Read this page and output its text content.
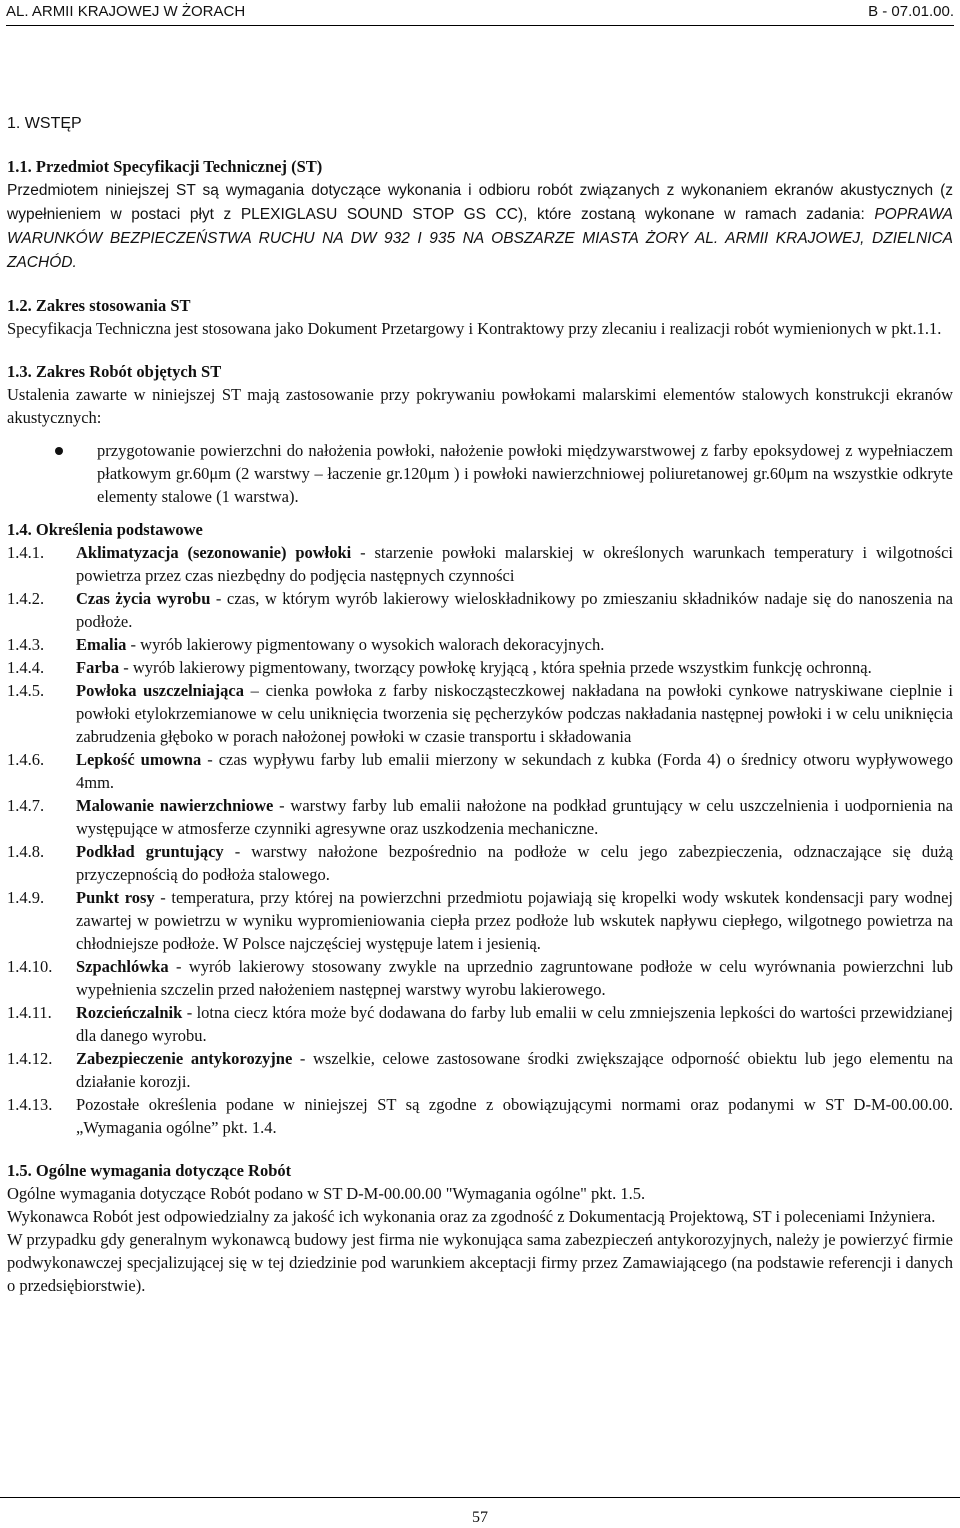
AL. ARMII KRAJOWEJ W ŻORACH	B - 07.01.00.
1. WSTĘP
1.1. Przedmiot Specyfikacji Technicznej (ST)

Przedmiotem niniejszej ST są wymagania dotyczące wykonania i odbioru robót związanych z wykonaniem ekranów akustycznych (z wypełnieniem w postaci płyt z PLEXIGLASU SOUND STOP GS CC), które zostaną wykonane w ramach zadania: POPRAWA WARUNKÓW BEZPIECZEŃSTWA RUCHU NA DW 932 I 935 NA OBSZARZE MIASTA ŻORY AL. ARMII KRAJOWEJ, DZIELNICA ZACHÓD.

1.2. Zakres stosowania ST

Specyfikacja Techniczna jest stosowana jako Dokument Przetargowy i Kontraktowy przy zlecaniu i realizacji robót wymienionych w pkt.1.1.

1.3. Zakres Robót objętych ST

Ustalenia zawarte w niniejszej ST mają zastosowanie przy pokrywaniu powłokami malarskimi elementów stalowych konstrukcji ekranów akustycznych:

przygotowanie powierzchni do nałożenia powłoki, nałożenie powłoki międzywarstwowej z farby epoksydowej z wypełniaczem płatkowym gr.60μm (2 warstwy – łaczenie gr.120μm ) i powłoki nawierzchniowej poliuretanowej gr.60μm na wszystkie odkryte elementy stalowe (1 warstwa).
1.4. Określenia podstawowe
1.4.1.	Aklimatyzacja (sezonowanie) powłoki - starzenie powłoki malarskiej w określonych warunkach temperatury i wilgotności powietrza przez czas niezbędny do podjęcia następnych czynności
1.4.2.	Czas życia wyrobu - czas, w którym wyrób lakierowy wieloskładnikowy po zmieszaniu składników nadaje się do nanoszenia na podłoże.
1.4.3.	Emalia - wyrób lakierowy pigmentowany o wysokich walorach dekoracyjnych.
1.4.4.	Farba - wyrób lakierowy pigmentowany, tworzący powłokę kryjącą , która spełnia przede wszystkim funkcję ochronną.
1.4.5.	Powłoka uszczelniająca – cienka powłoka z farby niskocząsteczkowej nakładana na powłoki cynkowe natryskiwane cieplnie i powłoki etylokrzemianowe w celu uniknięcia tworzenia się pęcherzyków podczas nakładania następnej powłoki i w celu uniknięcia zabrudzenia głęboko w porach nałożonej powłoki w czasie transportu i składowania
1.4.6.	Lepkość umowna - czas wypływu farby lub emalii mierzony w sekundach z kubka (Forda 4) o średnicy otworu wypływowego 4mm.
1.4.7.	Malowanie nawierzchniowe - warstwy farby lub emalii nałożone na podkład gruntujący w celu uszczelnienia i uodpornienia na występujące w atmosferze czynniki agresywne oraz uszkodzenia mechaniczne.
1.4.8.	Podkład gruntujący - warstwy nałożone bezpośrednio na podłoże w celu jego zabezpieczenia, odznaczające się dużą przyczepnością do podłoża stalowego.
1.4.9.	Punkt rosy - temperatura, przy której na powierzchni przedmiotu pojawiają się kropelki wody wskutek kondensacji pary wodnej zawartej w powietrzu w wyniku wypromieniowania ciepła przez podłoże lub wskutek napływu ciepłego, wilgotnego powietrza na chłodniejsze podłoże. W Polsce najczęściej występuje latem i jesienią.
1.4.10.	Szpachlówka - wyrób lakierowy stosowany zwykle na uprzednio zagruntowane podłoże w celu wyrównania powierzchni lub wypełnienia szczelin przed nałożeniem następnej warstwy wyrobu lakierowego.
1.4.11.	Rozcieńczalnik - lotna ciecz która może być dodawana do farby lub emalii w celu zmniejszenia lepkości do wartości przewidzianej dla danego wyrobu.
1.4.12.	Zabezpieczenie antykorozyjne - wszelkie, celowe zastosowane środki zwiększające odporność obiektu lub jego elementu na działanie korozji.
1.4.13.	Pozostałe określenia podane w niniejszej ST są zgodne z obowiązującymi normami oraz podanymi w ST D-M-00.00.00. „Wymagania ogólne” pkt. 1.4.
1.5. Ogólne wymagania dotyczące Robót

Ogólne wymagania dotyczące Robót podano w ST D-M-00.00.00 "Wymagania ogólne" pkt. 1.5.

Wykonawca Robót jest odpowiedzialny za jakość ich wykonania oraz za zgodność z Dokumentacją Projektową, ST i poleceniami Inżyniera.

W przypadku gdy generalnym wykonawcą budowy jest firma nie wykonująca sama zabezpieczeń antykorozyjnych, należy je powierzyć firmie podwykonawczej specjalizującej się w tej dziedzinie pod warunkiem akceptacji firmy przez Zamawiającego (na podstawie referencji i danych o przedsiębiorstwie).

57
